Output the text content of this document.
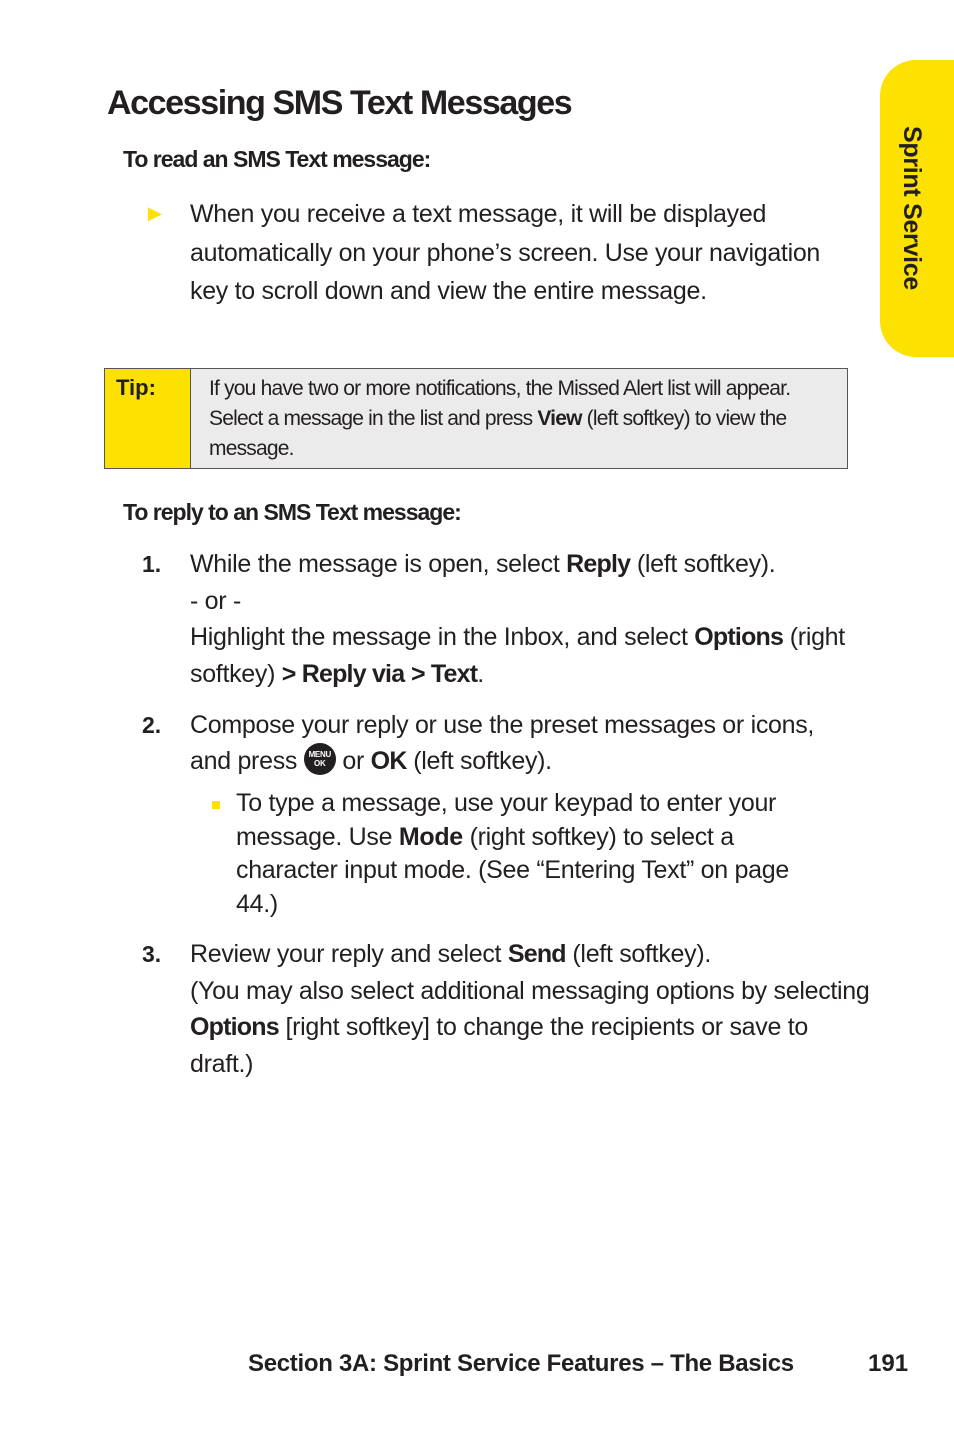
Sprint Service
Accessing SMS Text Messages

To read an SMS Text message:

▶ When you receive a text message, it will be displayed automatically on your phone’s screen. Use your navigation key to scroll down and view the entire message.
Tip:	If you have two or more notifications, the Missed Alert list will appear. Select a message in the list and press View (left softkey) to view the message.

To reply to an SMS Text message:

1. While the message is open, select Reply (left softkey).
- or -
Highlight the message in the Inbox, and select Options (right softkey) > Reply via > Text.
2. Compose your reply or use the preset messages or icons,
and press MENU
OK or OK (left softkey).
To type a message, use your keypad to enter your message. Use Mode (right softkey) to select a character input mode. (See “Entering Text” on page 44.)
3. Review your reply and select Send (left softkey).
(You may also select additional messaging options by selecting Options [right softkey] to change the recipients or save to draft.)
Section 3A: Sprint Service Features – The Basics	191
